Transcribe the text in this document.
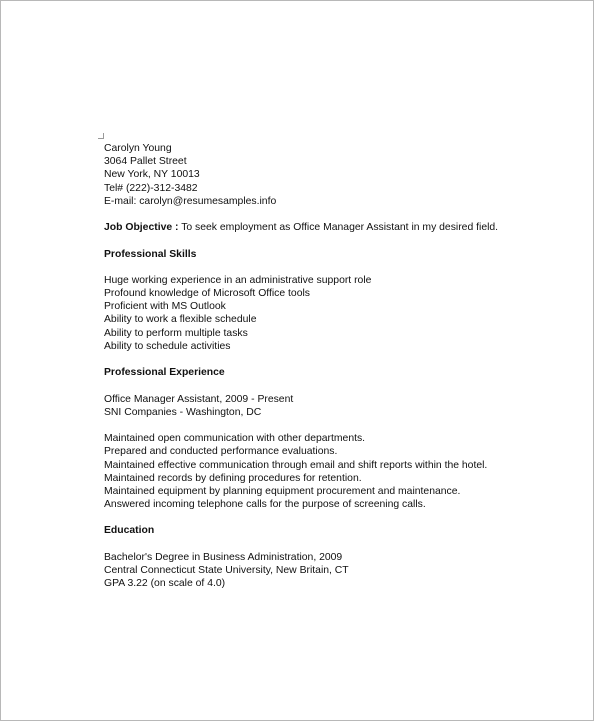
Carolyn Young
3064 Pallet Street
New York, NY 10013
Tel# (222)-312-3482
E-mail: carolyn@resumesamples.info
Job Objective : To seek employment as Office Manager Assistant in my desired field.
Professional Skills
Huge working experience in an administrative support role
Profound knowledge of Microsoft Office tools
Proficient with MS Outlook
Ability to work a flexible schedule
Ability to perform multiple tasks
Ability to schedule activities
Professional Experience
Office Manager Assistant, 2009 - Present
SNI Companies - Washington, DC
Maintained open communication with other departments.
Prepared and conducted performance evaluations.
Maintained effective communication through email and shift reports within the hotel.
Maintained records by defining procedures for retention.
Maintained equipment by planning equipment procurement and maintenance.
Answered incoming telephone calls for the purpose of screening calls.
Education
Bachelor's Degree in Business Administration, 2009
Central Connecticut State University, New Britain, CT
GPA 3.22 (on scale of 4.0)
